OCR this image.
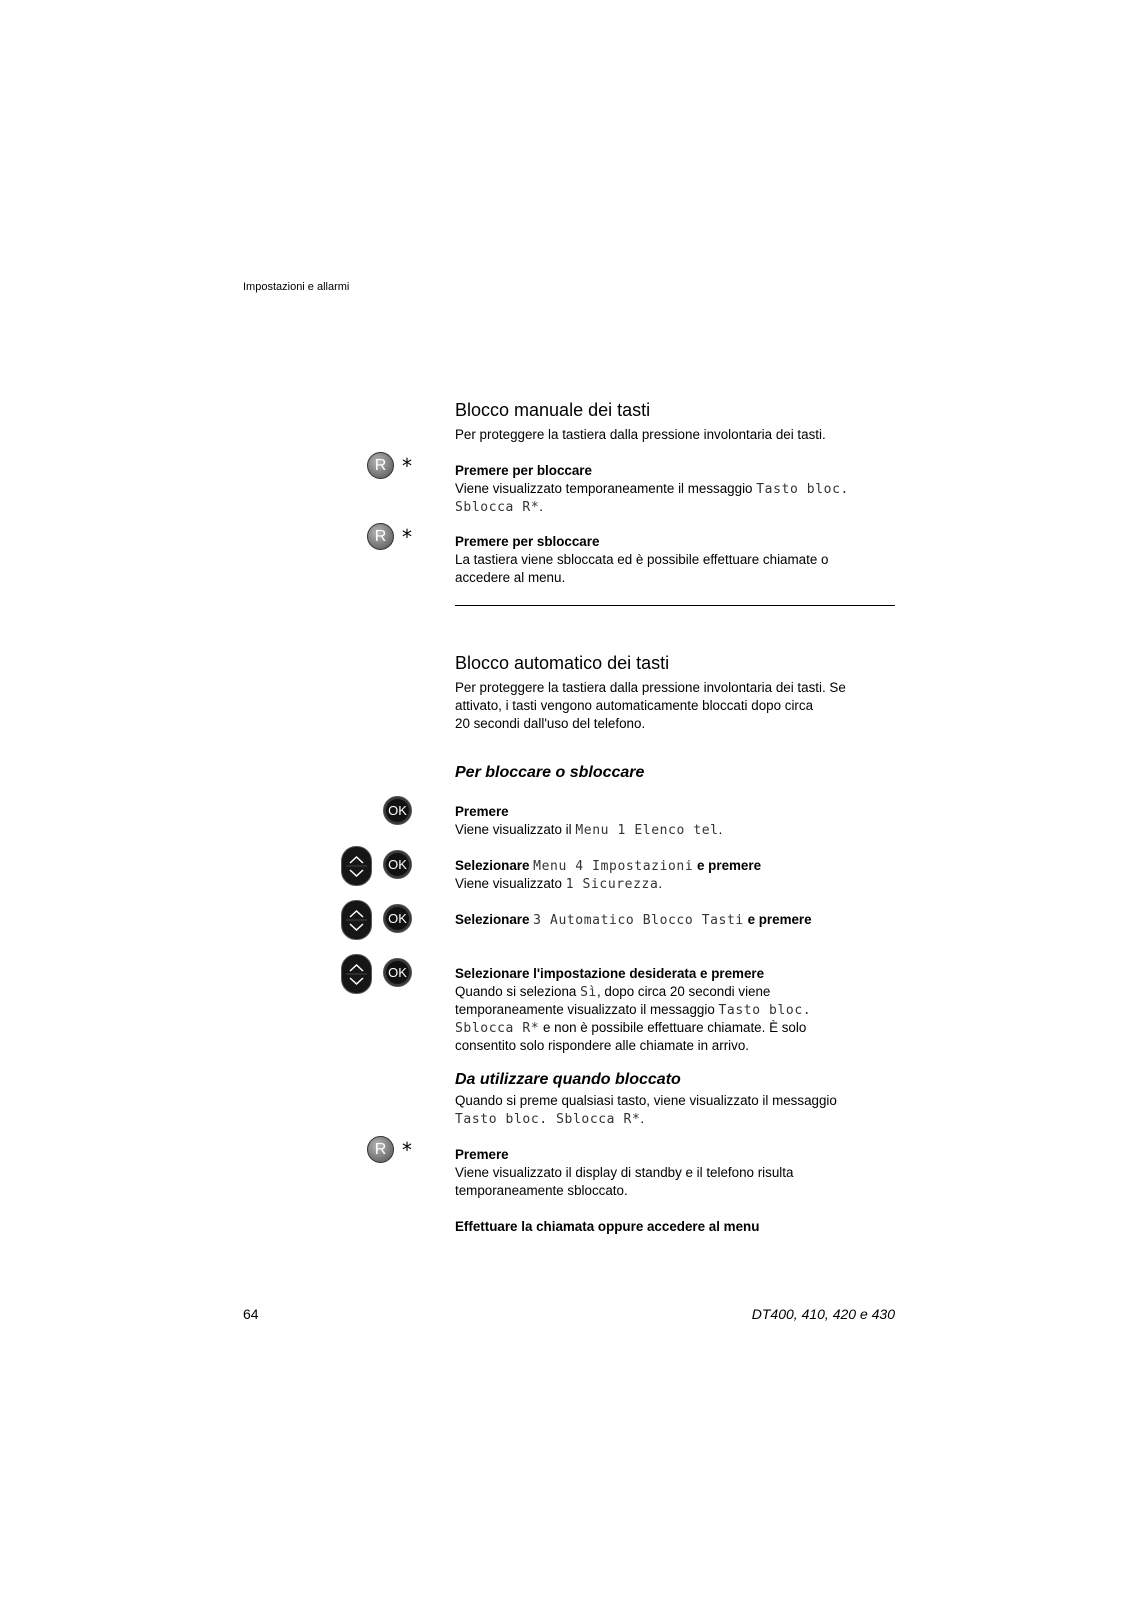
Impostazioni e allarmi
Blocco manuale dei tasti

Per proteggere la tastiera dalla pressione involontaria dei tasti.

R *	Premere per bloccare

Viene visualizzato temporaneamente il messaggio Tasto bloc.

Sblocca R*.

R *	Premere per sbloccare

La tastiera viene sbloccata ed è possibile effettuare chiamate o

accedere al menu.

Blocco automatico dei tasti

Per proteggere la tastiera dalla pressione involontaria dei tasti. Se

attivato, i tasti vengono automaticamente bloccati dopo circa

20 secondi dall'uso del telefono.

Per bloccare o sbloccare
OK	Premere

Viene visualizzato il Menu 1 Elenco tel.

OK	Selezionare Menu 4 Impostazioni e premere

Viene visualizzato 1 Sicurezza.

OK	Selezionare 3 Automatico Blocco Tasti e premere

OK	Selezionare l'impostazione desiderata e premere

Quando si seleziona Sì, dopo circa 20 secondi viene

temporaneamente visualizzato il messaggio Tasto bloc.

Sblocca R* e non è possibile effettuare chiamate. È solo

consentito solo rispondere alle chiamate in arrivo.

Da utilizzare quando bloccato

Quando si preme qualsiasi tasto, viene visualizzato il messaggio

Tasto bloc. Sblocca R*.

R *	Premere

Viene visualizzato il display di standby e il telefono risulta

temporaneamente sbloccato.

Effettuare la chiamata oppure accedere al menu

64	DT400, 410, 420 e 430
